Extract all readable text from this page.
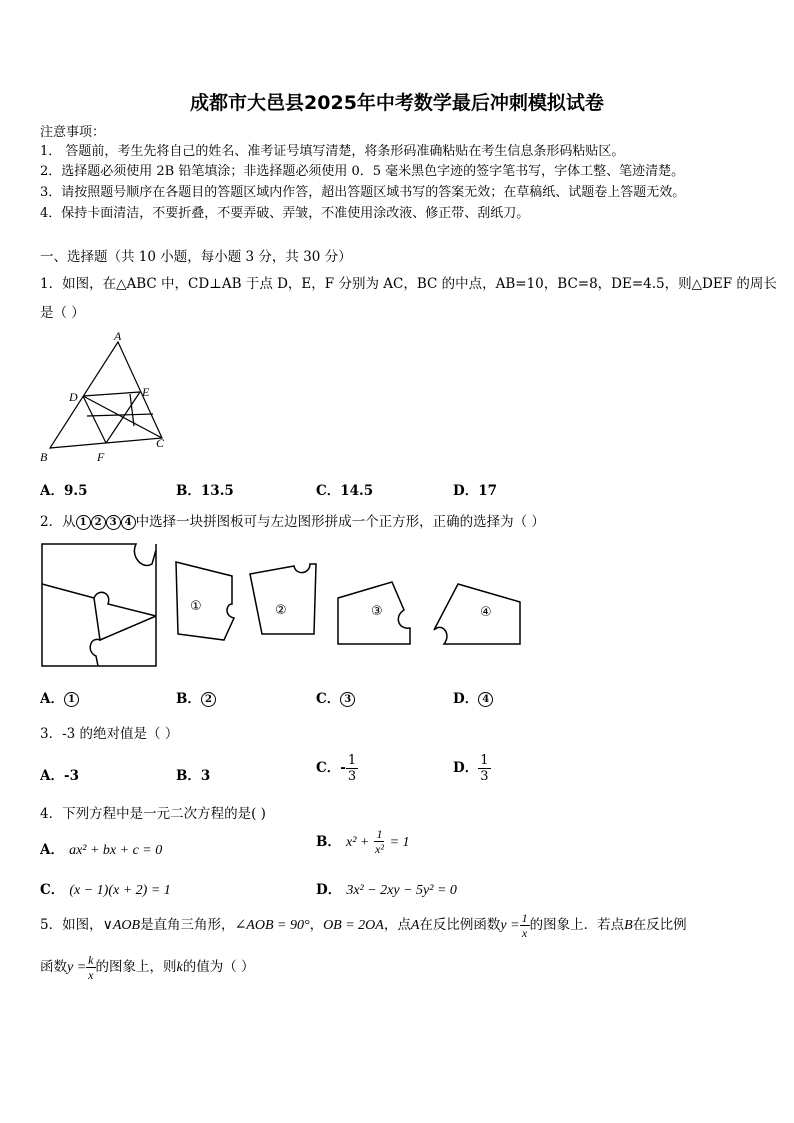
成都市大邑县2025年中考数学最后冲刺模拟试卷
注意事项：
1． 答题前，考生先将自己的姓名、准考证号填写清楚，将条形码准确粘贴在考生信息条形码粘贴区。
2．选择题必须使用 2B 铅笔填涂；非选择题必须使用 0．5 毫米黑色字迹的签字笔书写，字体工整、笔迹清楚。
3．请按照题号顺序在各题目的答题区域内作答，超出答题区域书写的答案无效；在草稿纸、试题卷上答题无效。
4．保持卡面清洁，不要折叠，不要弄破、弄皱，不准使用涂改液、修正带、刮纸刀。
一、选择题（共 10 小题，每小题 3 分，共 30 分）
1．如图，在△ABC 中，CD⊥AB 于点 D，E，F 分别为 AC，BC 的中点，AB=10，BC=8，DE=4.5，则△DEF 的周长
是（ ）
A
D	E
B	F
C
A．9.5	B．13.5	C．14.5	D．17
2．从 1 2 3 4 中选择一块拼图板可与左边图形拼成一个正方形，正确的选择为（ ）
①	②	③	④
A． 1	B． 2	C． 3	D． 4
3．-3 的绝对值是（ ）
A．-3	B．3	C．- $\frac{1}{3}$	D． $\frac{1}{3}$
4．下列方程中是一元二次方程的是( )
A． ax² + bx + c = 0
B． $x^2 + \frac{1}{\text{x²}} = 1$
C． (x − 1)(x + 2) = 1	D． 3x² − 2xy − 5y² = 0
5．如图，∨AOB是直角三角形，∠AOB = 90°，OB = 2OA，点A在反比例函数$y = \frac{1}{x}$ 的图象上．若点B在反比例
函数$y = \frac{k}{x}$ 的图象上，则k的值为（ ）
